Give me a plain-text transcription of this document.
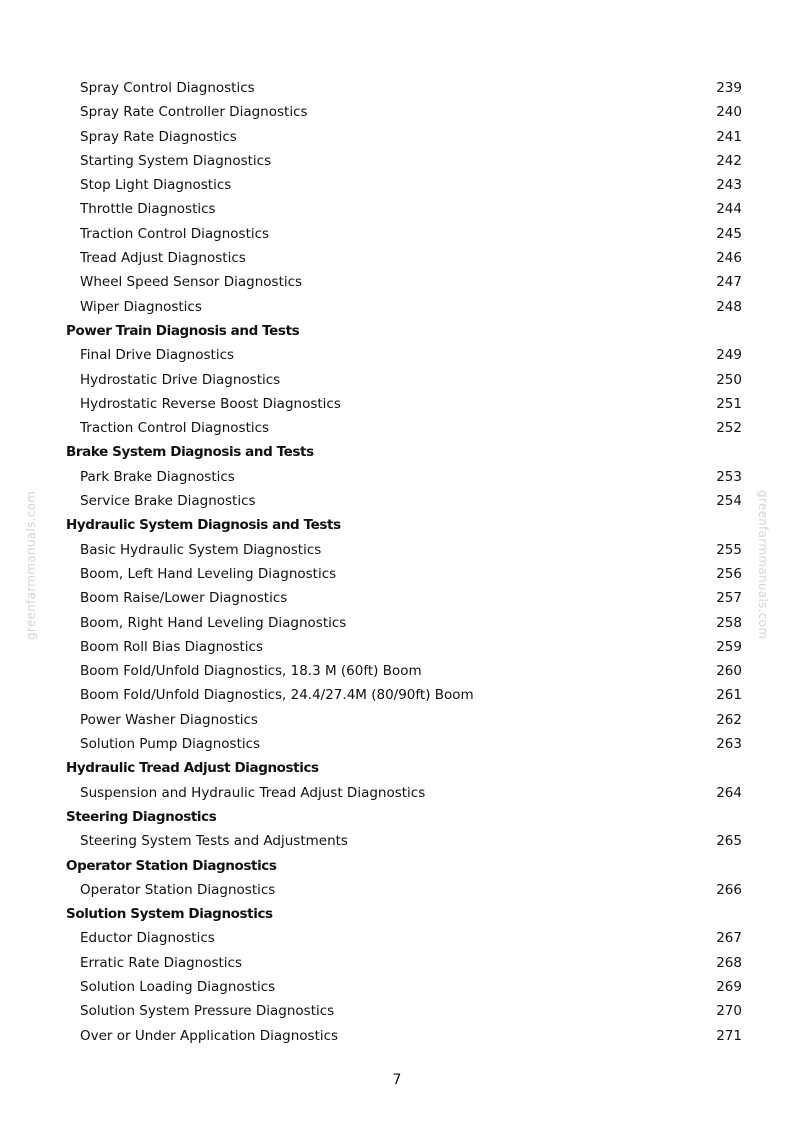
Spray Control Diagnostics	239
Spray Rate Controller Diagnostics	240
Spray Rate Diagnostics	241
Starting System Diagnostics	242
Stop Light Diagnostics	243
Throttle Diagnostics	244
Traction Control Diagnostics	245
Tread Adjust Diagnostics	246
Wheel Speed Sensor Diagnostics	247
Wiper Diagnostics	248
Power Train Diagnosis and Tests
Final Drive Diagnostics	249
Hydrostatic Drive Diagnostics	250
Hydrostatic Reverse Boost Diagnostics	251
Traction Control Diagnostics	252
Brake System Diagnosis and Tests
Park Brake Diagnostics	253
Service Brake Diagnostics	254
Hydraulic System Diagnosis and Tests
Basic Hydraulic System Diagnostics	255
Boom, Left Hand Leveling Diagnostics	256
Boom Raise/Lower Diagnostics	257
Boom, Right Hand Leveling Diagnostics	258
Boom Roll Bias Diagnostics	259
Boom Fold/Unfold Diagnostics, 18.3 M (60ft) Boom	260
Boom Fold/Unfold Diagnostics, 24.4/27.4M (80/90ft) Boom	261
Power Washer Diagnostics	262
Solution Pump Diagnostics	263
Hydraulic Tread Adjust Diagnostics
Suspension and Hydraulic Tread Adjust Diagnostics	264
Steering Diagnostics
Steering System Tests and Adjustments	265
Operator Station Diagnostics
Operator Station Diagnostics	266
Solution System Diagnostics
Eductor Diagnostics	267
Erratic Rate Diagnostics	268
Solution Loading Diagnostics	269
Solution System Pressure Diagnostics	270
Over or Under Application Diagnostics	271
7
greenfarmmanuals.com	greenfarmmanuals.com
